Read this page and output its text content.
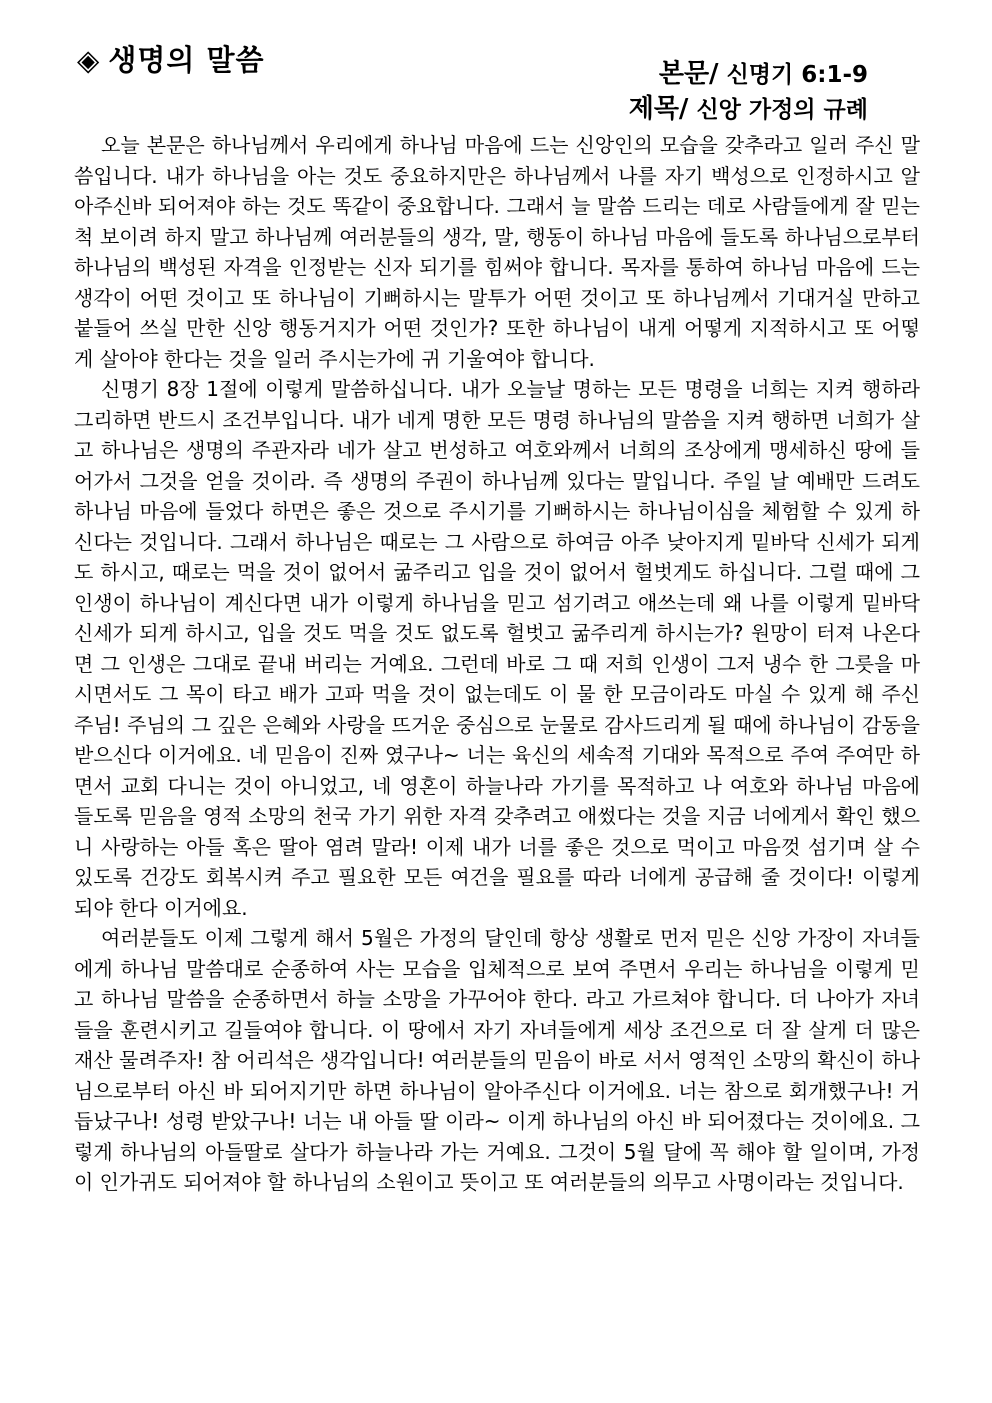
◈ 생명의 말씀	본문/ 신명기 6:1-9
제목/ 신앙 가정의 규례

오늘 본문은 하나님께서 우리에게 하나님 마음에 드는 신앙인의 모습을 갖추라고 일러 주신 말씀입니다. 내가 하나님을 아는 것도 중요하지만은 하나님께서 나를 자기 백성으로 인정하시고 알아주신바 되어져야 하는 것도 똑같이 중요합니다. 그래서 늘 말씀 드리는 데로 사람들에게 잘 믿는 척 보이려 하지 말고 하나님께 여러분들의 생각, 말, 행동이 하나님 마음에 들도록 하나님으로부터 하나님의 백성된 자격을 인정받는 신자 되기를 힘써야 합니다. 목자를 통하여 하나님 마음에 드는 생각이 어떤 것이고 또 하나님이 기뻐하시는 말투가 어떤 것이고 또 하나님께서 기대거실 만하고 붙들어 쓰실 만한 신앙 행동거지가 어떤 것인가? 또한 하나님이 내게 어떻게 지적하시고 또 어떻게 살아야 한다는 것을 일러 주시는가에 귀 기울여야 합니다.

신명기 8장 1절에 이렇게 말씀하십니다. 내가 오늘날 명하는 모든 명령을 너희는 지켜 행하라 그리하면 반드시 조건부입니다. 내가 네게 명한 모든 명령 하나님의 말씀을 지켜 행하면 너희가 살고 하나님은 생명의 주관자라 네가 살고 번성하고 여호와께서 너희의 조상에게 맹세하신 땅에 들어가서 그것을 얻을 것이라. 즉 생명의 주권이 하나님께 있다는 말입니다. 주일 날 예배만 드려도 하나님 마음에 들었다 하면은 좋은 것으로 주시기를 기뻐하시는 하나님이심을 체험할 수 있게 하신다는 것입니다. 그래서 하나님은 때로는 그 사람으로 하여금 아주 낮아지게 밑바닥 신세가 되게도 하시고, 때로는 먹을 것이 없어서 굶주리고 입을 것이 없어서 헐벗게도 하십니다. 그럴 때에 그 인생이 하나님이 계신다면 내가 이렇게 하나님을 믿고 섬기려고 애쓰는데 왜 나를 이렇게 밑바닥 신세가 되게 하시고, 입을 것도 먹을 것도 없도록 헐벗고 굶주리게 하시는가? 원망이 터져 나온다면 그 인생은 그대로 끝내 버리는 거예요. 그런데 바로 그 때 저희 인생이 그저 냉수 한 그릇을 마시면서도 그 목이 타고 배가 고파 먹을 것이 없는데도 이 물 한 모금이라도 마실 수 있게 해 주신 주님! 주님의 그 깊은 은혜와 사랑을 뜨거운 중심으로 눈물로 감사드리게 될 때에 하나님이 감동을 받으신다 이거에요. 네 믿음이 진짜 였구나~ 너는 육신의 세속적 기대와 목적으로 주여 주여만 하면서 교회 다니는 것이 아니었고, 네 영혼이 하늘나라 가기를 목적하고 나 여호와 하나님 마음에 들도록 믿음을 영적 소망의 천국 가기 위한 자격 갖추려고 애썼다는 것을 지금 너에게서 확인 했으니 사랑하는 아들 혹은 딸아 염려 말라! 이제 내가 너를 좋은 것으로 먹이고 마음껏 섬기며 살 수 있도록 건강도 회복시켜 주고 필요한 모든 여건을 필요를 따라 너에게 공급해 줄 것이다! 이렇게 되야 한다 이거에요.

여러분들도 이제 그렇게 해서 5월은 가정의 달인데 항상 생활로 먼저 믿은 신앙 가장이 자녀들에게 하나님 말씀대로 순종하여 사는 모습을 입체적으로 보여 주면서 우리는 하나님을 이렇게 믿고 하나님 말씀을 순종하면서 하늘 소망을 가꾸어야 한다. 라고 가르쳐야 합니다. 더 나아가 자녀들을 훈련시키고 길들여야 합니다. 이 땅에서 자기 자녀들에게 세상 조건으로 더 잘 살게 더 많은 재산 물려주자! 참 어리석은 생각입니다! 여러분들의 믿음이 바로 서서 영적인 소망의 확신이 하나님으로부터 아신 바 되어지기만 하면 하나님이 알아주신다 이거에요. 너는 참으로 회개했구나! 거듭났구나! 성령 받았구나! 너는 내 아들 딸 이라~ 이게 하나님의 아신 바 되어졌다는 것이에요. 그렇게 하나님의 아들딸로 살다가 하늘나라 가는 거예요. 그것이 5월 달에 꼭 해야 할 일이며, 가정이 인가귀도 되어져야 할 하나님의 소원이고 뜻이고 또 여러분들의 의무고 사명이라는 것입니다.
